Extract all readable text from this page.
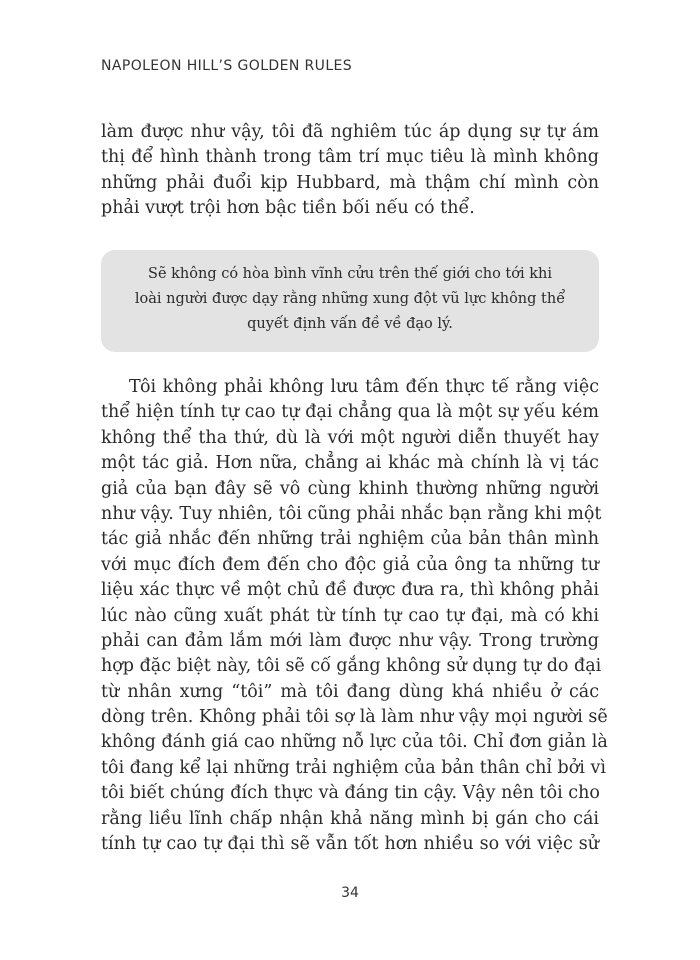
NAPOLEON HILL’S GOLDEN RULES
làm được như vậy, tôi đã nghiêm túc áp dụng sự tự ám
thị để hình thành trong tâm trí mục tiêu là mình không
những phải đuổi kịp Hubbard, mà thậm chí mình còn
phải vượt trội hơn bậc tiền bối nếu có thể.
Sẽ không có hòa bình vĩnh cửu trên thế giới cho tới khi
loài người được dạy rằng những xung đột vũ lực không thể
quyết định vấn đề về đạo lý.
Tôi không phải không lưu tâm đến thực tế rằng việc
thể hiện tính tự cao tự đại chẳng qua là một sự yếu kém
không thể tha thứ, dù là với một người diễn thuyết hay
một tác giả. Hơn nữa, chẳng ai khác mà chính là vị tác
giả của bạn đây sẽ vô cùng khinh thường những người
như vậy. Tuy nhiên, tôi cũng phải nhắc bạn rằng khi một
tác giả nhắc đến những trải nghiệm của bản thân mình
với mục đích đem đến cho độc giả của ông ta những tư
liệu xác thực về một chủ đề được đưa ra, thì không phải
lúc nào cũng xuất phát từ tính tự cao tự đại, mà có khi
phải can đảm lắm mới làm được như vậy. Trong trường
hợp đặc biệt này, tôi sẽ cố gắng không sử dụng tự do đại
từ nhân xưng “tôi” mà tôi đang dùng khá nhiều ở các
dòng trên. Không phải tôi sợ là làm như vậy mọi người sẽ
không đánh giá cao những nỗ lực của tôi. Chỉ đơn giản là
tôi đang kể lại những trải nghiệm của bản thân chỉ bởi vì
tôi biết chúng đích thực và đáng tin cậy. Vậy nên tôi cho
rằng liều lĩnh chấp nhận khả năng mình bị gán cho cái
tính tự cao tự đại thì sẽ vẫn tốt hơn nhiều so với việc sử
34
